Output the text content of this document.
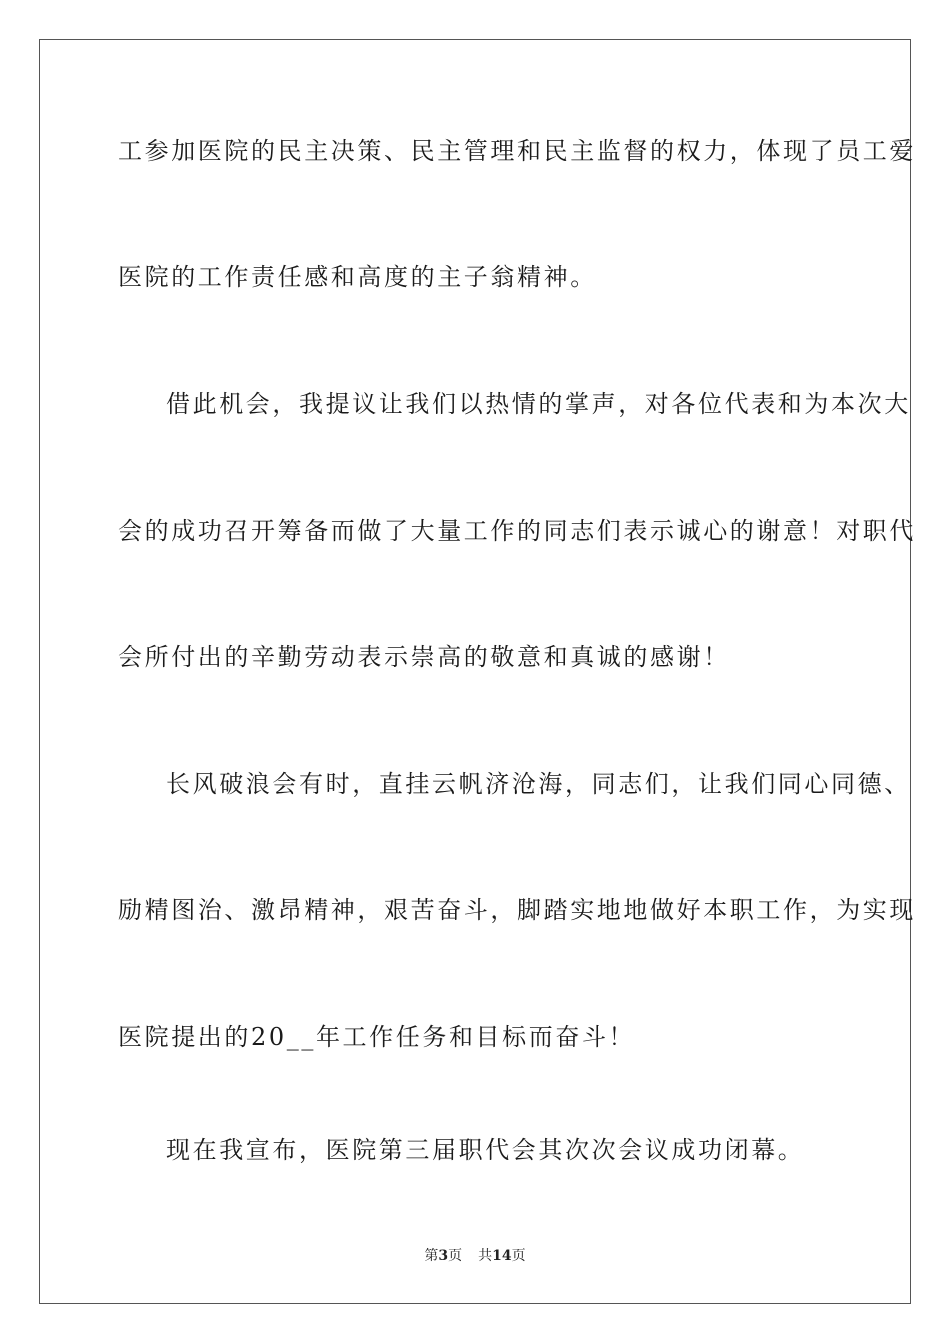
工参加医院的民主决策、民主管理和民主监督的权力，体现了员工爱
医院的工作责任感和高度的主子翁精神。
借此机会，我提议让我们以热情的掌声，对各位代表和为本次大
会的成功召开筹备而做了大量工作的同志们表示诚心的谢意！对职代
会所付出的辛勤劳动表示崇高的敬意和真诚的感谢！
长风破浪会有时，直挂云帆济沧海，同志们，让我们同心同德、
励精图治、激昂精神，艰苦奋斗，脚踏实地地做好本职工作，为实现
医院提出的20__年工作任务和目标而奋斗！
现在我宣布，医院第三届职代会其次次会议成功闭幕。
第3页 共14页
